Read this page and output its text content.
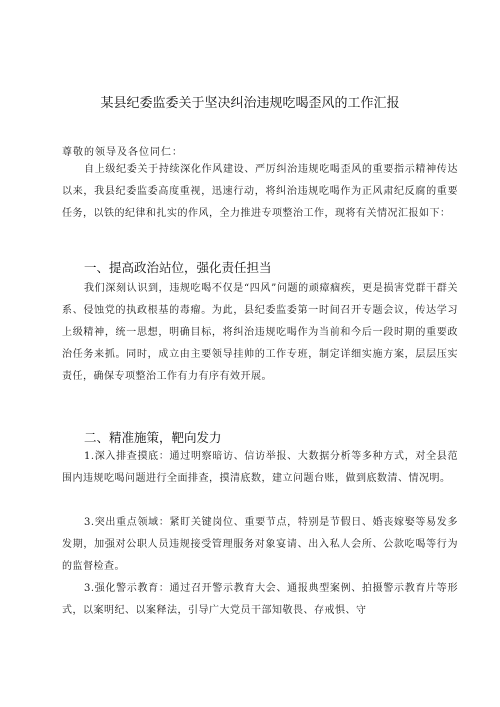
某县纪委监委关于坚决纠治违规吃喝歪风的工作汇报
尊敬的领导及各位同仁：
自上级纪委关于持续深化作风建设、严厉纠治违规吃喝歪风的重要指示精神传达以来，我县纪委监委高度重视，迅速行动，将纠治违规吃喝作为正风肃纪反腐的重要任务，以铁的纪律和扎实的作风，全力推进专项整治工作，现将有关情况汇报如下：
一、提高政治站位，强化责任担当
我们深刻认识到，违规吃喝不仅是“四风”问题的顽瘴痼疾，更是损害党群干群关系、侵蚀党的执政根基的毒瘤。为此，县纪委监委第一时间召开专题会议，传达学习上级精神，统一思想，明确目标，将纠治违规吃喝作为当前和今后一段时期的重要政治任务来抓。同时，成立由主要领导挂帅的工作专班，制定详细实施方案，层层压实责任，确保专项整治工作有力有序有效开展。
二、精准施策，靶向发力
1.深入排查摸底：通过明察暗访、信访举报、大数据分析等多种方式，对全县范围内违规吃喝问题进行全面排查，摸清底数，建立问题台账，做到底数清、情况明。
3.突出重点领域：紧盯关键岗位、重要节点，特别是节假日、婚丧嫁娶等易发多发期，加强对公职人员违规接受管理服务对象宴请、出入私人会所、公款吃喝等行为的监督检查。
3.强化警示教育：通过召开警示教育大会、通报典型案例、拍摄警示教育片等形式，以案明纪、以案释法，引导广大党员干部知敬畏、存戒惧、守
